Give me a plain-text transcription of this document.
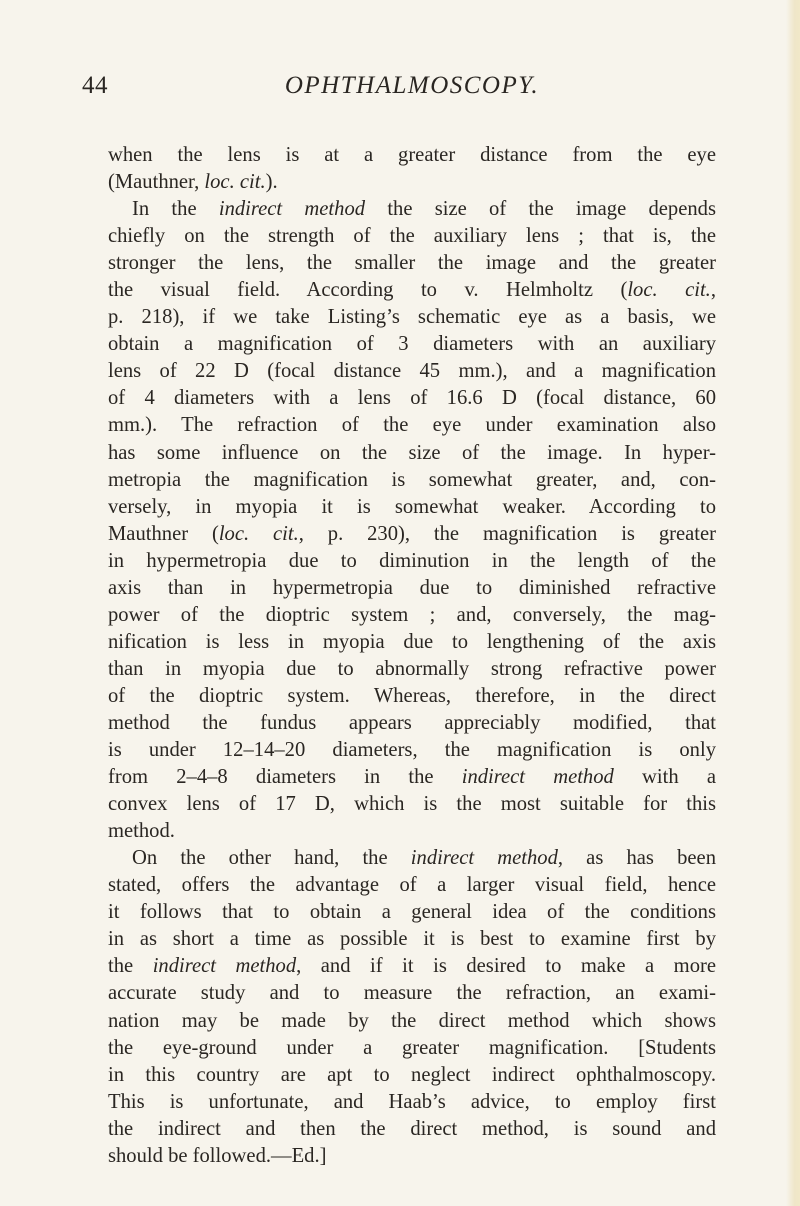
44	OPHTHALMOSCOPY.

when the lens is at a greater distance from the eye
(Mauthner, loc. cit.).

In the indirect method the size of the image depends
chiefly on the strength of the auxiliary lens ; that is, the
stronger the lens, the smaller the image and the greater
the visual field. According to v. Helmholtz (loc. cit.,
p. 218), if we take Listing’s schematic eye as a basis, we
obtain a magnification of 3 diameters with an auxiliary
lens of 22 D (focal distance 45 mm.), and a magnification
of 4 diameters with a lens of 16.6 D (focal distance, 60
mm.). The refraction of the eye under examination also
has some influence on the size of the image. In hyper-
metropia the magnification is somewhat greater, and, con-
versely, in myopia it is somewhat weaker. According to
Mauthner (loc. cit., p. 230), the magnification is greater
in hypermetropia due to diminution in the length of the
axis than in hypermetropia due to diminished refractive
power of the dioptric system ; and, conversely, the mag-
nification is less in myopia due to lengthening of the axis
than in myopia due to abnormally strong refractive power
of the dioptric system. Whereas, therefore, in the direct
method the fundus appears appreciably modified, that
is under 12–14–20 diameters, the magnification is only
from 2–4–8 diameters in the indirect method with a
convex lens of 17 D, which is the most suitable for this
method.

On the other hand, the indirect method, as has been
stated, offers the advantage of a larger visual field, hence
it follows that to obtain a general idea of the conditions
in as short a time as possible it is best to examine first by
the indirect method, and if it is desired to make a more
accurate study and to measure the refraction, an exami-
nation may be made by the direct method which shows
the eye-ground under a greater magnification. [Students
in this country are apt to neglect indirect ophthalmoscopy.
This is unfortunate, and Haab’s advice, to employ first
the indirect and then the direct method, is sound and
should be followed.—Ed.]
